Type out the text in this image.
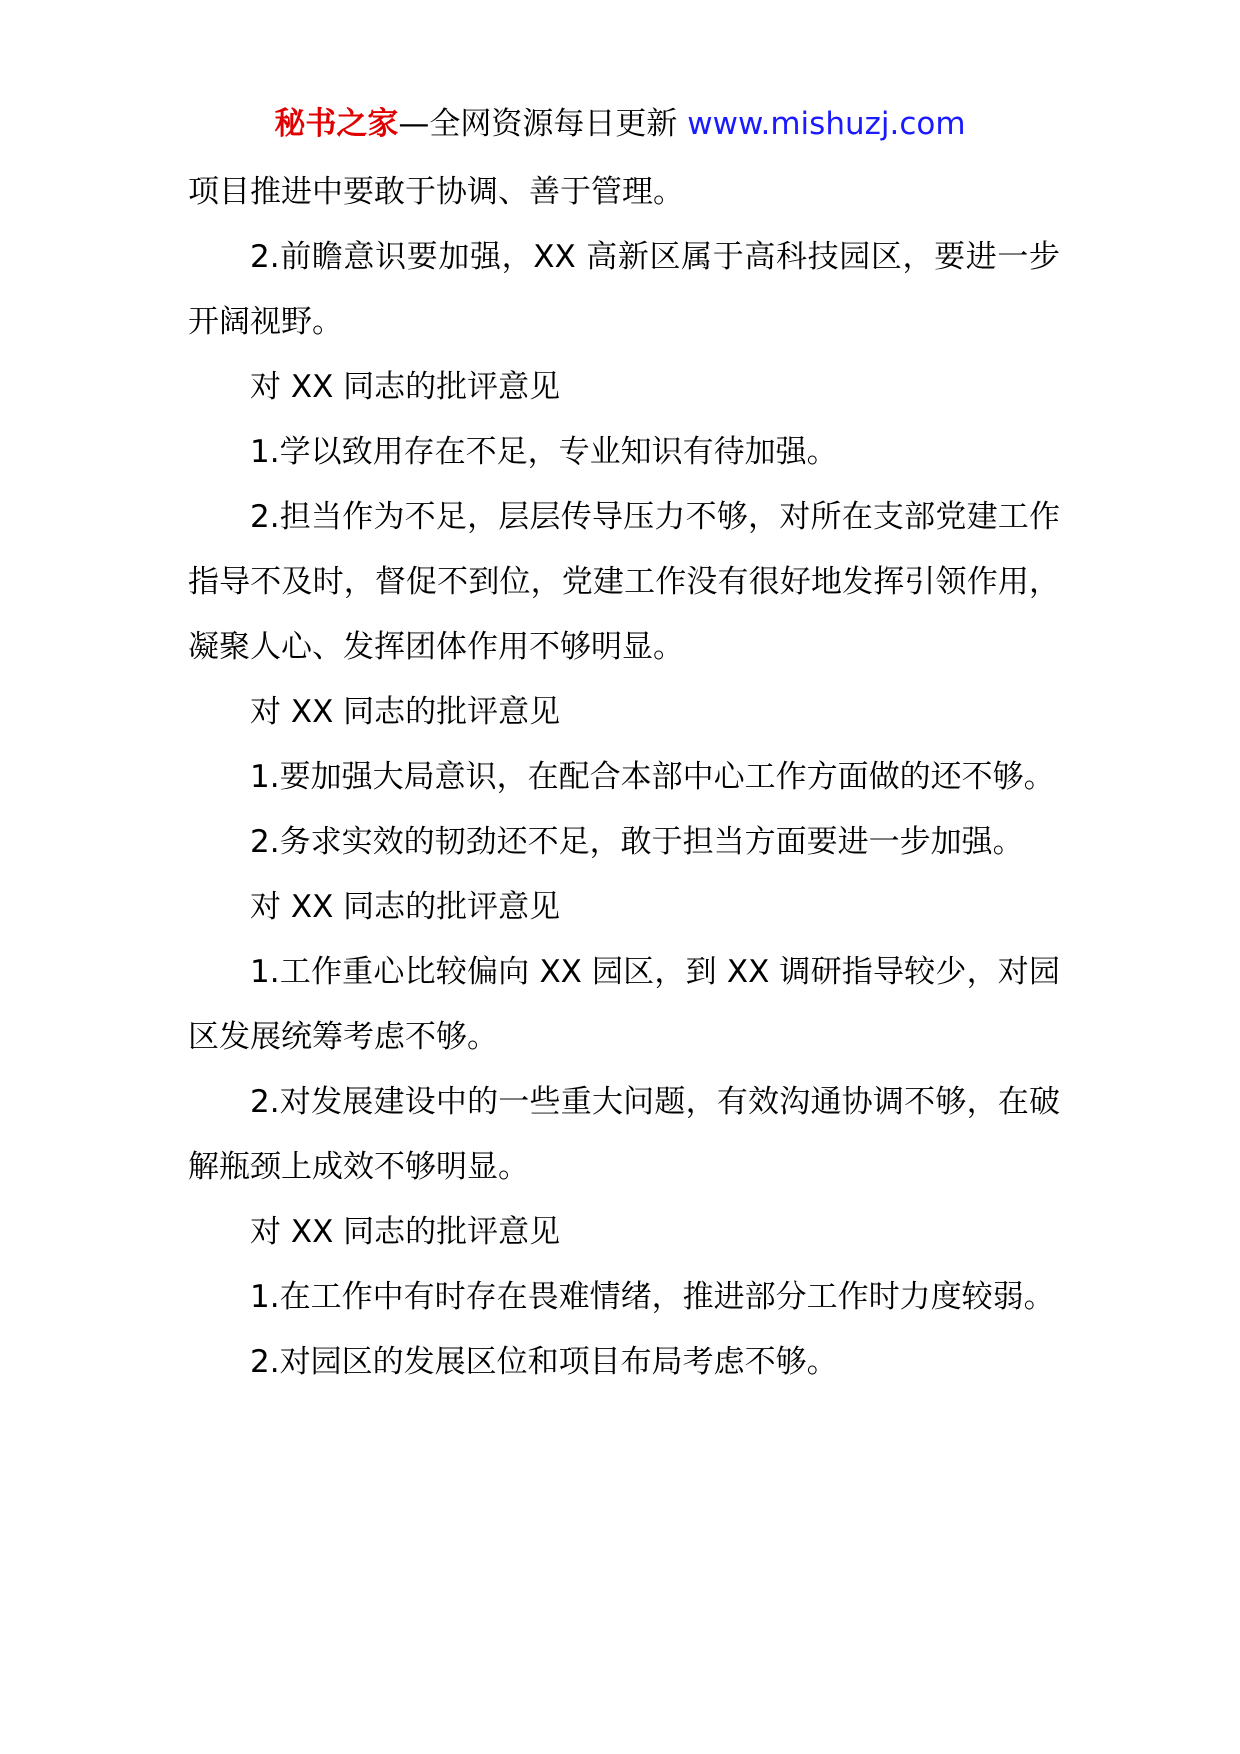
秘书之家—全网资源每日更新 www.mishuzj.com

项目推进中要敢于协调、善于管理。

2.前瞻意识要加强，XX 高新区属于高科技园区，要进一步开阔视野。

对 XX 同志的批评意见

1.学以致用存在不足，专业知识有待加强。

2.担当作为不足，层层传导压力不够，对所在支部党建工作指导不及时，督促不到位，党建工作没有很好地发挥引领作用，凝聚人心、发挥团体作用不够明显。

对 XX 同志的批评意见

1.要加强大局意识，在配合本部中心工作方面做的还不够。

2.务求实效的韧劲还不足，敢于担当方面要进一步加强。

对 XX 同志的批评意见

1.工作重心比较偏向 XX 园区，到 XX 调研指导较少，对园区发展统筹考虑不够。

2.对发展建设中的一些重大问题，有效沟通协调不够，在破解瓶颈上成效不够明显。

对 XX 同志的批评意见

1.在工作中有时存在畏难情绪，推进部分工作时力度较弱。

2.对园区的发展区位和项目布局考虑不够。
